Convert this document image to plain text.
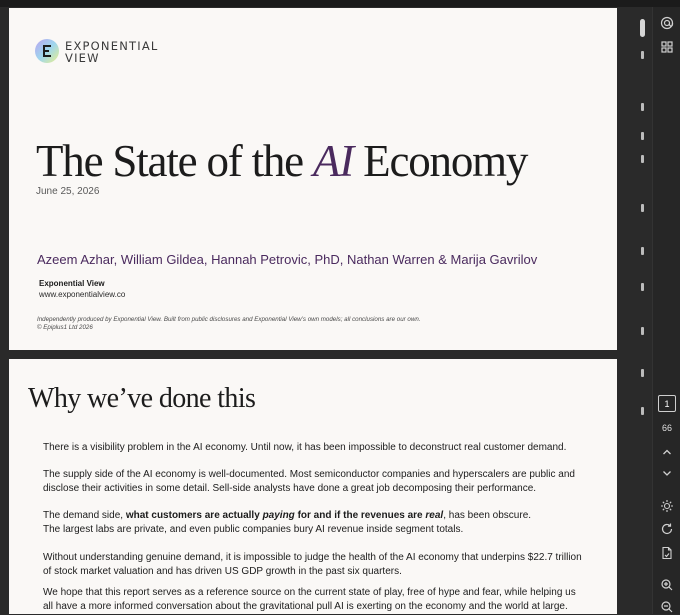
EXPONENTIAL
VIEW
The State of the AI Economy
June 25, 2026
Azeem Azhar, William Gildea, Hannah Petrovic, PhD, Nathan Warren & Marija Gavrilov
Exponential View
www.exponentialview.co
Independently produced by Exponential View. Built from public disclosures and Exponential View’s own models; all conclusions are our own.
© Epiplus1 Ltd 2026
Why we’ve done this
There is a visibility problem in the AI economy. Until now, it has been impossible to deconstruct real customer demand.
The supply side of the AI economy is well-documented. Most semiconductor companies and hyperscalers are public and disclose their activities in some detail. Sell-side analysts have done a great job decomposing their performance.
The demand side, what customers are actually paying for and if the revenues are real, has been obscure.
The largest labs are private, and even public companies bury AI revenue inside segment totals.
Without understanding genuine demand, it is impossible to judge the health of the AI economy that underpins $22.7 trillion of stock market valuation and has driven US GDP growth in the past six quarters.
We hope that this report serves as a reference source on the current state of play, free of hype and fear, while helping us all have a more informed conversation about the gravitational pull AI is exerting on the economy and the world at large.
1
66
